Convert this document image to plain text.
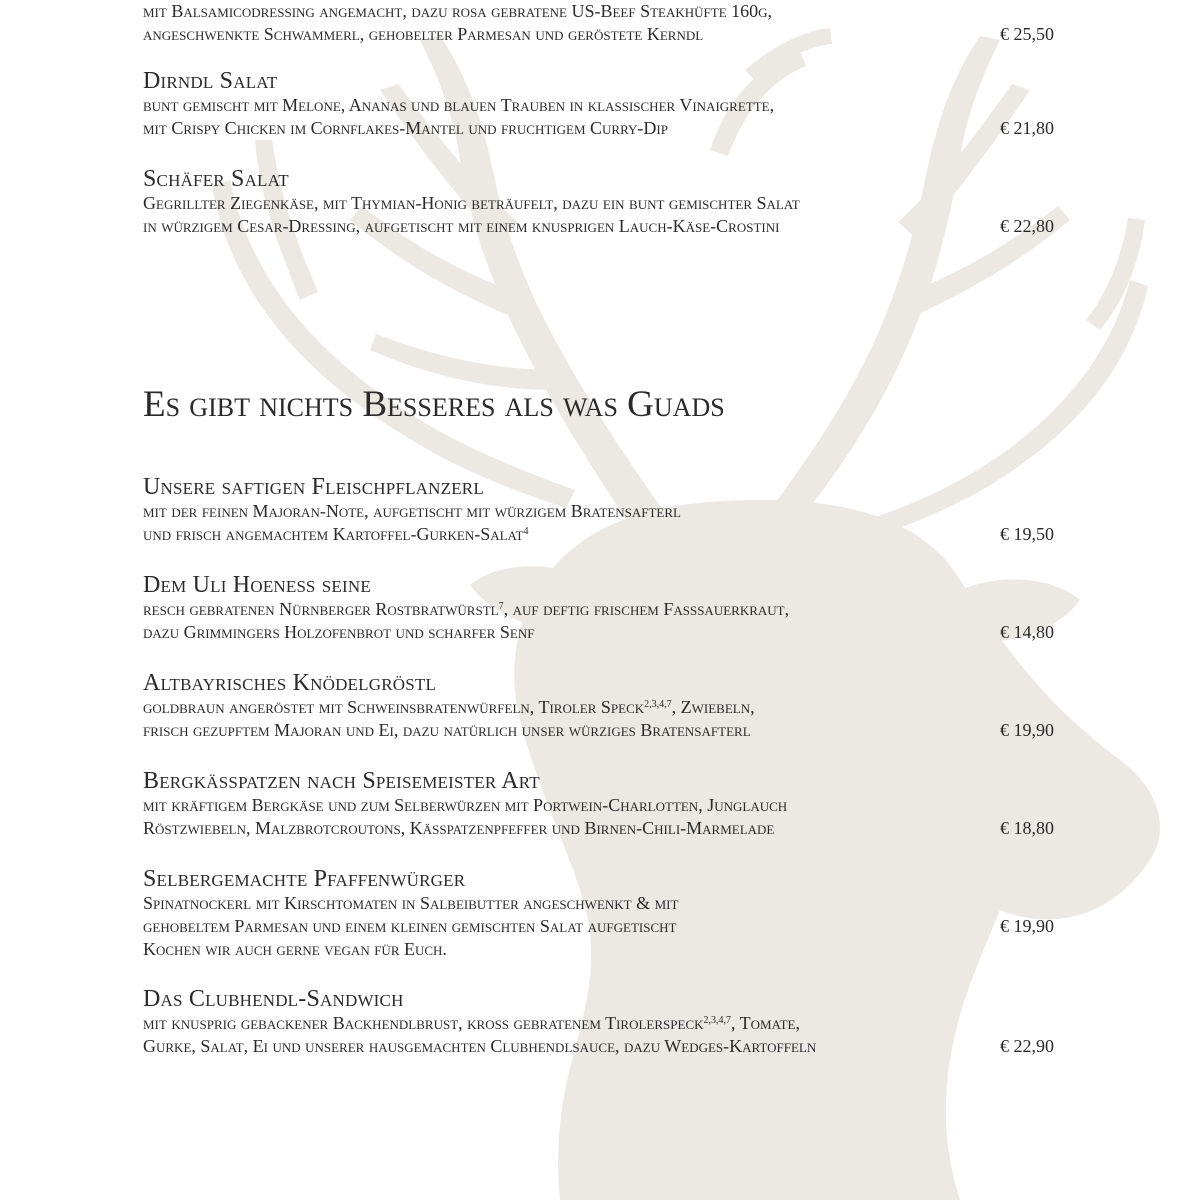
mit Balsamicodressing angemacht, dazu rosa gebratene US-Beef Steakhüfte 160g,
angeschwenkte Schwammerl, gehobelter Parmesan und geröstete Kerndl	€ 25,50
Dirndl Salat
bunt gemischt mit Melone, Ananas und blauen Trauben in klassischer Vinaigrette,
mit Crispy Chicken im Cornflakes-Mantel und fruchtigem Curry-Dip	€ 21,80
Schäfer Salat
Gegrillter Ziegenkäse, mit Thymian-Honig beträufelt, dazu ein bunt gemischter Salat
in würzigem Cesar-Dressing, aufgetischt mit einem knusprigen Lauch-Käse-Crostini	€ 22,80
Es gibt nichts Besseres als was Guads
Unsere saftigen Fleischpflanzerl
mit der feinen Majoran-Note, aufgetischt mit würzigem Bratensafterl
und frisch angemachtem Kartoffel-Gurken-Salat$^4$	€ 19,50
Dem Uli Hoeneß seine
resch gebratenen Nürnberger Rostbratwürstl$^7$, auf deftig frischem Fasssauerkraut,
dazu Grimmingers Holzofenbrot und scharfer Senf	€ 14,80
Altbayrisches Knödelgröstl
goldbraun angeröstet mit Schweinsbratenwürfeln, Tiroler Speck$^{2,3,4,7}$, Zwiebeln,
frisch gezupftem Majoran und Ei, dazu natürlich unser würziges Bratensafterl	€ 19,90
Bergkässpatzen nach Speisemeister Art
mit kräftigem Bergkäse und zum Selberwürzen mit Portwein-Charlotten, Junglauch
Röstzwiebeln, Malzbrotcroutons, Kässpatzenpfeffer und Birnen-Chili-Marmelade	€ 18,80
Selbergemachte Pfaffenwürger
Spinatnockerl mit Kirschtomaten in Salbeibutter angeschwenkt & mit
gehobeltem Parmesan und einem kleinen gemischten Salat aufgetischt
Kochen wir auch gerne vegan für Euch.
€ 19,90
Das Clubhendl-Sandwich
mit knusprig gebackener Backhendlbrust, kross gebratenem Tirolerspeck$^{2,3,4,7}$, Tomate,
Gurke, Salat, Ei und unserer hausgemachten Clubhendlsauce, dazu Wedges-Kartoffeln	€ 22,90
